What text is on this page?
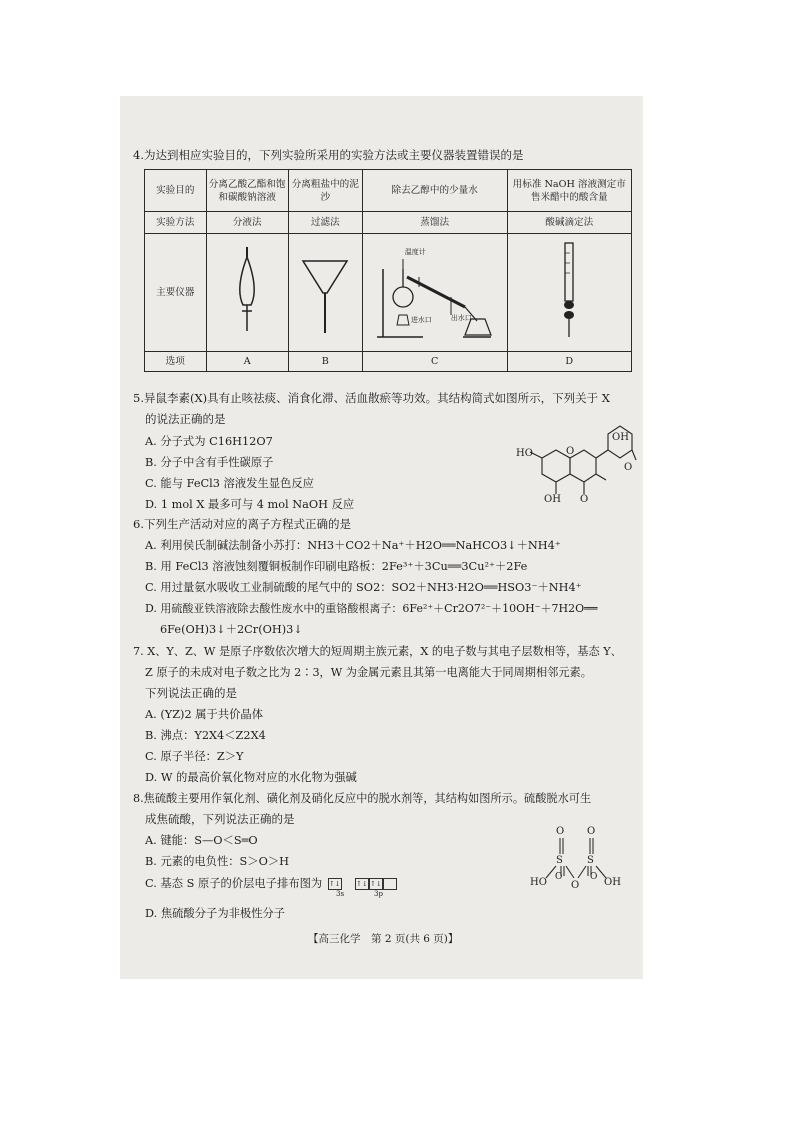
4.为达到相应实验目的，下列实验所采用的实验方法或主要仪器装置错误的是
实验目的	分离乙酸乙酯和饱和碳酸钠溶液	分离粗盐中的泥沙	除去乙醇中的少量水	用标准 NaOH 溶液测定市售米醋中的酸含量
实验方法	分液法	过滤法	蒸馏法	酸碱滴定法
主要仪器			温度计
进水口 出水口

选项	A	B	C	D
5.异鼠李素(X)具有止咳祛痰、消食化滞、活血散瘀等功效。其结构简式如图所示，下列关于 X
的说法正确的是
A. 分子式为 C16H12O7
B. 分子中含有手性碳原子
C. 能与 FeCl3 溶液发生显色反应
D. 1 mol X 最多可与 4 mol NaOH 反应
OH
O
HO	O
OH O
6.下列生产活动对应的离子方程式正确的是
A. 利用侯氏制碱法制备小苏打：NH3＋CO2＋Na⁺＋H2O══NaHCO3↓＋NH4⁺
B. 用 FeCl3 溶液蚀刻覆铜板制作印刷电路板：2Fe³⁺＋3Cu══3Cu²⁺＋2Fe
C. 用过量氨水吸收工业制硫酸的尾气中的 SO2：SO2＋NH3·H2O══HSO3⁻＋NH4⁺
D. 用硫酸亚铁溶液除去酸性废水中的重铬酸根离子：6Fe²⁺＋Cr2O7²⁻＋10OH⁻＋7H2O══
6Fe(OH)3↓＋2Cr(OH)3↓
7. X、Y、Z、W 是原子序数依次增大的短周期主族元素，X 的电子数与其电子层数相等，基态 Y、
Z 原子的未成对电子数之比为 2∶3，W 为金属元素且其第一电离能大于同周期相邻元素。
下列说法正确的是
A. (YZ)2 属于共价晶体
B. 沸点：Y2X4＜Z2X4
C. 原子半径：Z＞Y
D. W 的最高价氧化物对应的水化物为强碱
8.焦硫酸主要用作氧化剂、磺化剂及硝化反应中的脱水剂等，其结构如图所示。硫酸脱水可生
成焦硫酸，下列说法正确的是
A. 键能：S—O＜S═O
B. 元素的电负性：S＞O＞H
C. 基态 S 原子的价层电子排布图为 ↑↓ ↑↓ ↑↓
3s	3p
D. 焦硫酸分子为非极性分子
O O
S S
HO O OH
O	O
【高三化学　第 2 页(共 6 页)】
